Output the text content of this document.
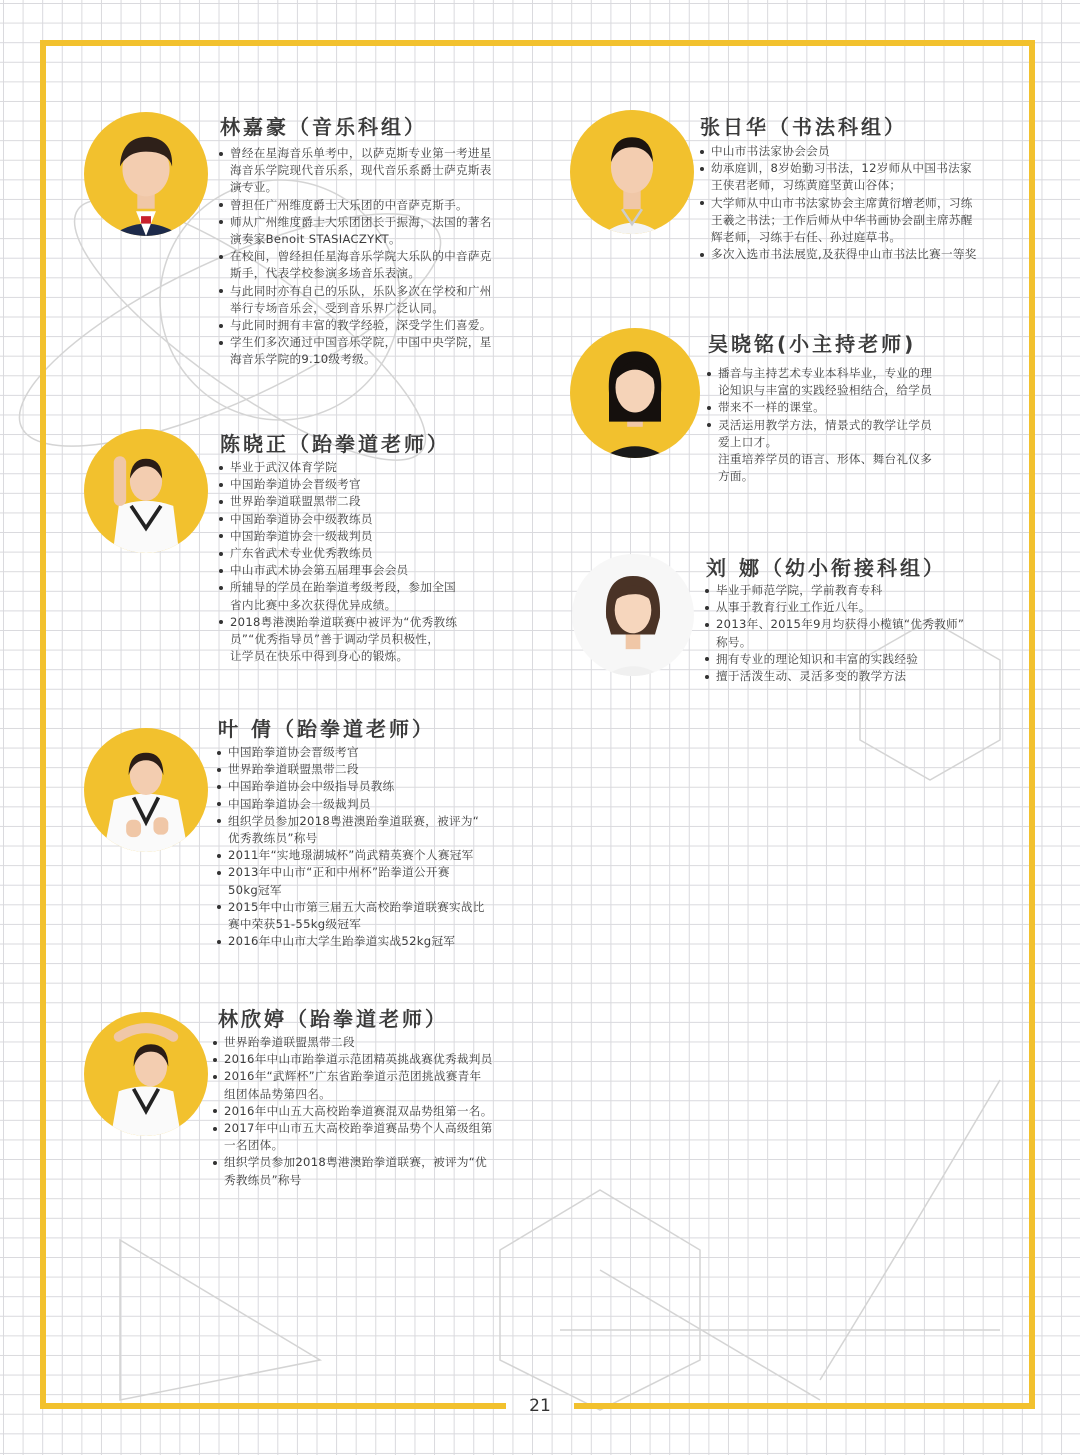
21
林嘉豪（音乐科组）
曾经在星海音乐单考中，以萨克斯专业第一考进星
海音乐学院现代音乐系，现代音乐系爵士萨克斯表
演专业。
曾担任广州维度爵士大乐团的中音萨克斯手。
师从广州维度爵士大乐团团长于振海，法国的著名
演奏家Benoit STASIACZYKT。
在校间，曾经担任星海音乐学院大乐队的中音萨克
斯手，代表学校参演多场音乐表演。
与此同时亦有自己的乐队，乐队多次在学校和广州
举行专场音乐会，受到音乐界广泛认同。
与此同时拥有丰富的教学经验，深受学生们喜爱。
学生们多次通过中国音乐学院，中国中央学院，星
海音乐学院的9.10级考级。
陈晓正（跆拳道老师）
毕业于武汉体育学院
中国跆拳道协会晋级考官
世界跆拳道联盟黑带二段
中国跆拳道协会中级教练员
中国跆拳道协会一级裁判员
广东省武术专业优秀教练员
中山市武术协会第五届理事会会员
所辅导的学员在跆拳道考级考段，参加全国
省内比赛中多次获得优异成绩。
2018粤港澳跆拳道联赛中被评为“优秀教练
员”“优秀指导员”善于调动学员积极性，
让学员在快乐中得到身心的锻炼。
叶 倩（跆拳道老师）
中国跆拳道协会晋级考官
世界跆拳道联盟黑带二段
中国跆拳道协会中级指导员教练
中国跆拳道协会一级裁判员
组织学员参加2018粤港澳跆拳道联赛，被评为“
优秀教练员”称号
2011年“实地璟湖城杯”尚武精英赛个人赛冠军
2013年中山市“正和中州杯”跆拳道公开赛
50kg冠军
2015年中山市第三届五大高校跆拳道联赛实战比
赛中荣获51-55kg级冠军
2016年中山市大学生跆拳道实战52kg冠军
林欣婷（跆拳道老师）
世界跆拳道联盟黑带二段
2016年中山市跆拳道示范团精英挑战赛优秀裁判员
2016年“武辉杯”广东省跆拳道示范团挑战赛青年
组团体品势第四名。
2016年中山五大高校跆拳道赛混双品势组第一名。
2017年中山市五大高校跆拳道赛品势个人高级组第
一名团体。
组织学员参加2018粤港澳跆拳道联赛，被评为“优
秀教练员”称号
张日华（书法科组）
中山市书法家协会会员
幼承庭训，8岁始勤习书法，12岁师从中国书法家
王侠君老师，习练黄庭坚黄山谷体；
大学师从中山市书法家协会主席黄衍增老师，习练
王羲之书法；工作后师从中华书画协会副主席苏醒
辉老师，习练于右任、孙过庭草书。
多次入选市书法展览,及获得中山市书法比赛一等奖
吴晓铭(小主持老师)
播音与主持艺术专业本科毕业，专业的理
论知识与丰富的实践经验相结合，给学员
带来不一样的课堂。
灵活运用教学方法，情景式的教学让学员
爱上口才。
注重培养学员的语言、形体、舞台礼仪多
方面。
刘 娜（幼小衔接科组）
毕业于师范学院，学前教育专科
从事于教育行业工作近八年。
2013年、2015年9月均获得小榄镇“优秀教师”
称号。
拥有专业的理论知识和丰富的实践经验
擅于活泼生动、灵活多变的教学方法
